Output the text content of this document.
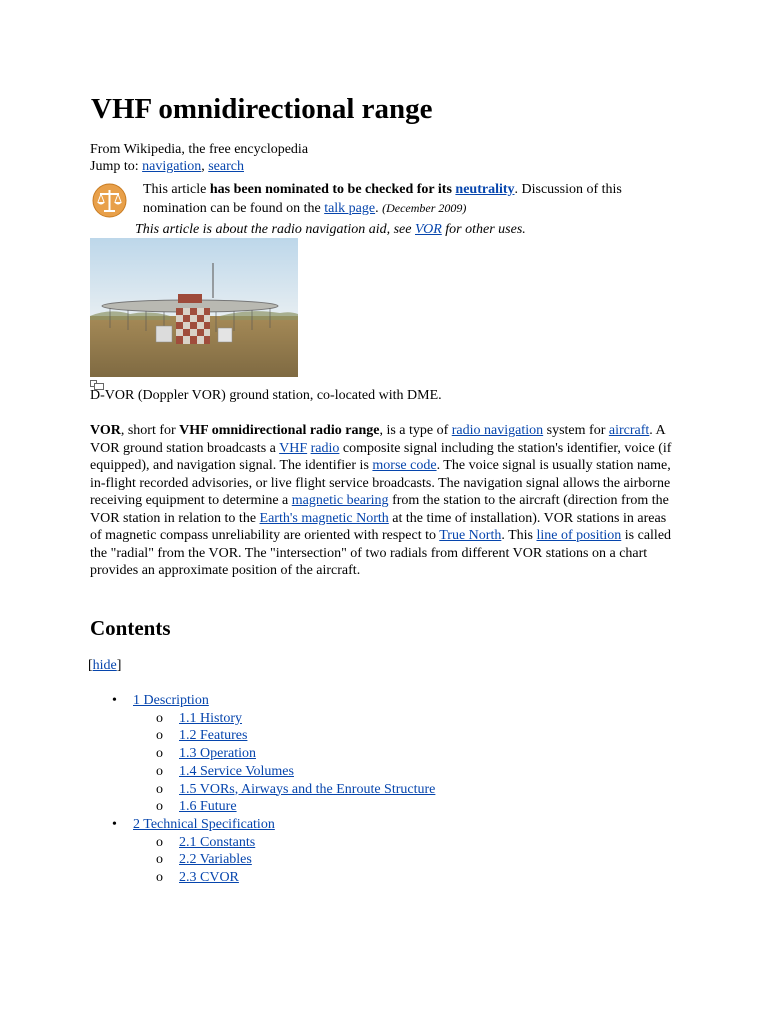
VHF omnidirectional range
From Wikipedia, the free encyclopedia
Jump to: navigation, search
This article has been nominated to be checked for its neutrality. Discussion of this nomination can be found on the talk page. (December 2009)
This article is about the radio navigation aid, see VOR for other uses.
D-VOR (Doppler VOR) ground station, co-located with DME.
VOR, short for VHF omnidirectional radio range, is a type of radio navigation system for aircraft. A VOR ground station broadcasts a VHF radio composite signal including the station's identifier, voice (if equipped), and navigation signal. The identifier is morse code. The voice signal is usually station name, in-flight recorded advisories, or live flight service broadcasts. The navigation signal allows the airborne receiving equipment to determine a magnetic bearing from the station to the aircraft (direction from the VOR station in relation to the Earth's magnetic North at the time of installation). VOR stations in areas of magnetic compass unreliability are oriented with respect to True North. This line of position is called the "radial" from the VOR. The "intersection" of two radials from different VOR stations on a chart provides an approximate position of the aircraft.
Contents
[hide]
•	1 Description
o	1.1 History
o	1.2 Features
o	1.3 Operation
o	1.4 Service Volumes
o	1.5 VORs, Airways and the Enroute Structure
o	1.6 Future
•	2 Technical Specification
o	2.1 Constants
o	2.2 Variables
o	2.3 CVOR
